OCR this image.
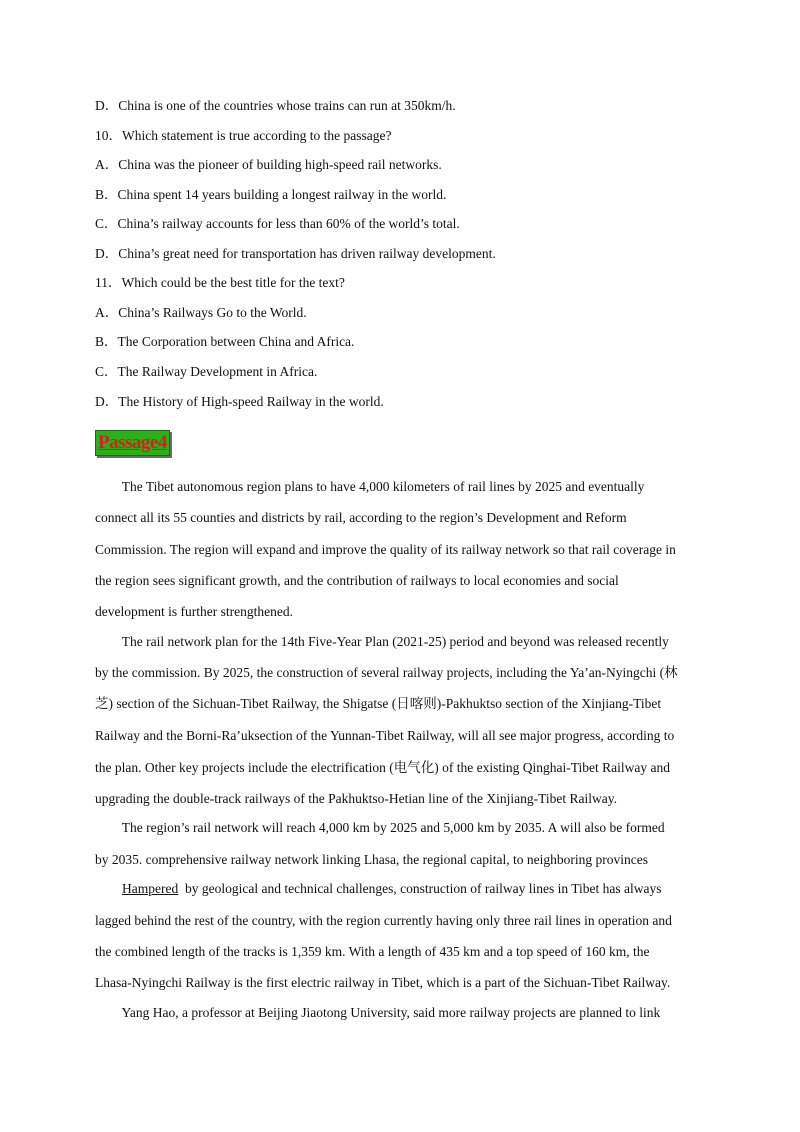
D．China is one of the countries whose trains can run at 350km/h.
10．Which statement is true according to the passage?
A．China was the pioneer of building high-speed rail networks.
B．China spent 14 years building a longest railway in the world.
C．China’s railway accounts for less than 60% of the world’s total.
D．China’s great need for transportation has driven railway development.
11．Which could be the best title for the text?
A．China’s Railways Go to the World.
B．The Corporation between China and Africa.
C．The Railway Development in Africa.
D．The History of High-speed Railway in the world.
Passage4
The Tibet autonomous region plans to have 4,000 kilometers of rail lines by 2025 and eventually
connect all its 55 counties and districts by rail, according to the region’s Development and Reform
Commission. The region will expand and improve the quality of its railway network so that rail coverage in
the region sees significant growth, and the contribution of railways to local economies and social
development is further strengthened.
The rail network plan for the 14th Five-Year Plan (2021-25) period and beyond was released recently
by the commission. By 2025, the construction of several railway projects, including the Ya’an-Nyingchi (林
芝) section of the Sichuan-Tibet Railway, the Shigatse (日喀则)-Pakhuktso section of the Xinjiang-Tibet
Railway and the Borni-Ra’uksection of the Yunnan-Tibet Railway, will all see major progress, according to
the plan. Other key projects include the electrification (电气化) of the existing Qinghai-Tibet Railway and
upgrading the double-track railways of the Pakhuktso-Hetian line of the Xinjiang-Tibet Railway.
The region’s rail network will reach 4,000 km by 2025 and 5,000 km by 2035. A will also be formed
by 2035. comprehensive railway network linking Lhasa, the regional capital, to neighboring provinces
Hampered  by geological and technical challenges, construction of railway lines in Tibet has always
lagged behind the rest of the country, with the region currently having only three rail lines in operation and
the combined length of the tracks is 1,359 km. With a length of 435 km and a top speed of 160 km, the
Lhasa-Nyingchi Railway is the first electric railway in Tibet, which is a part of the Sichuan-Tibet Railway.
Yang Hao, a professor at Beijing Jiaotong University, said more railway projects are planned to link
